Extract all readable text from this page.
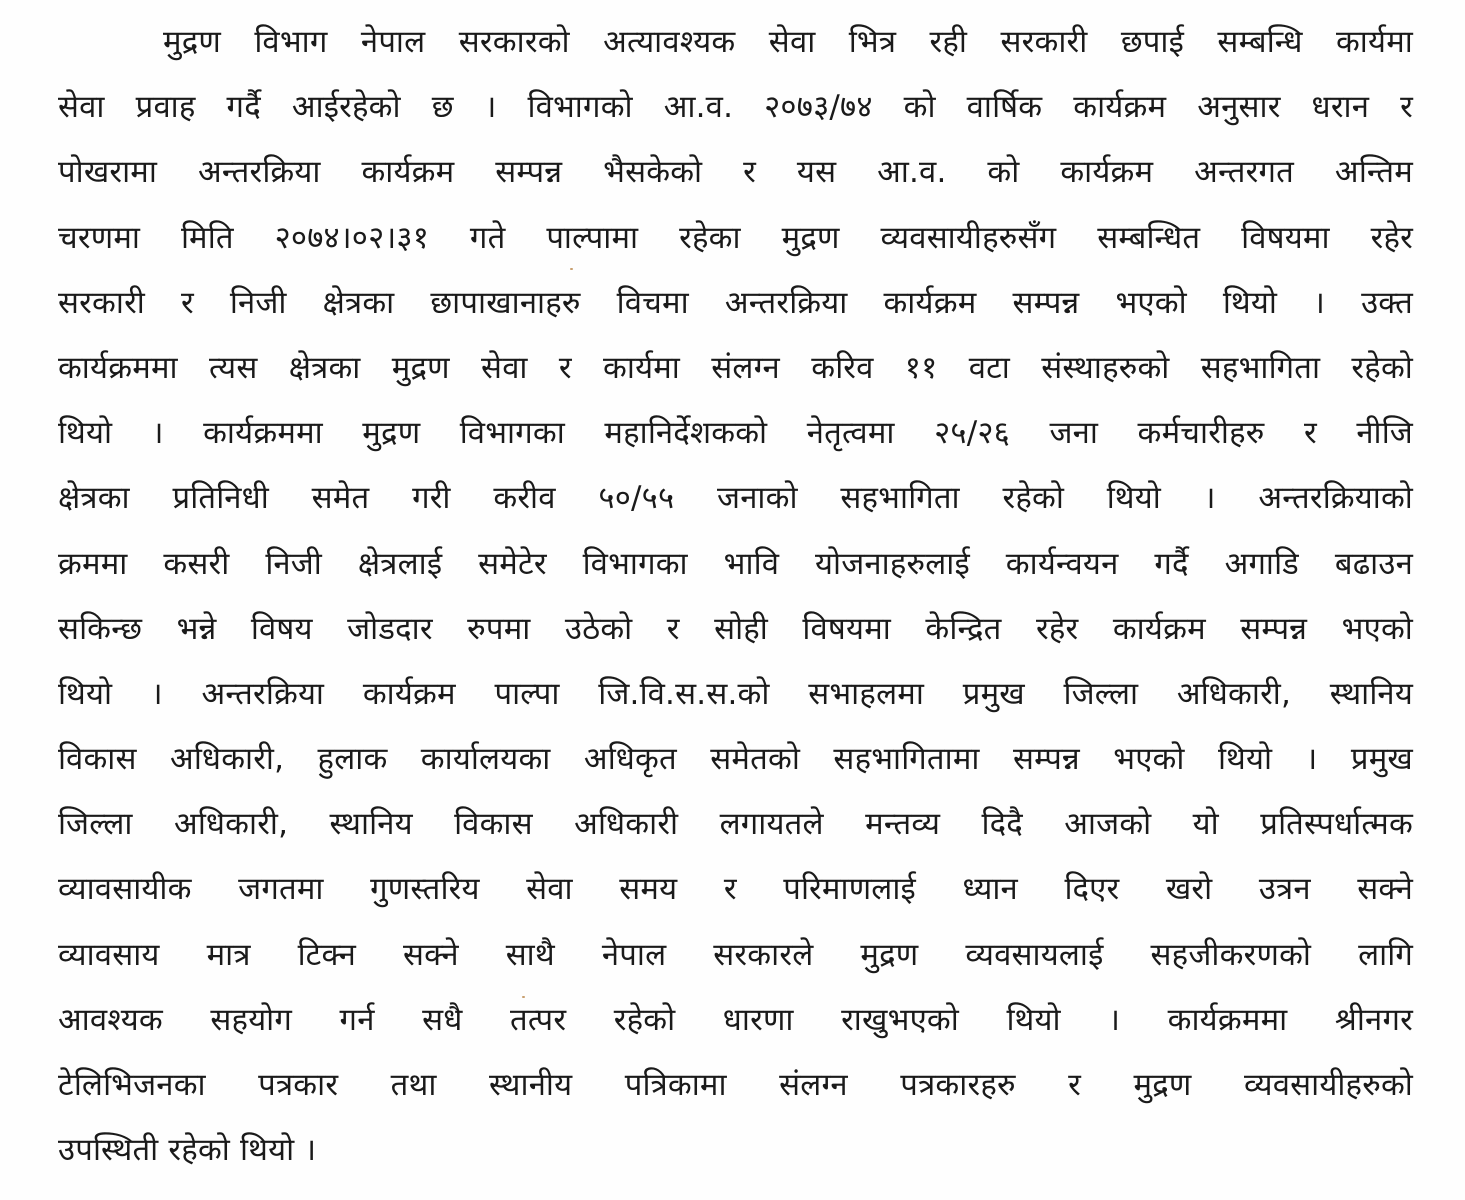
मुद्रण विभाग नेपाल सरकारको अत्यावश्यक सेवा भित्र रही सरकारी छपाई सम्बन्धि कार्यमा
सेवा प्रवाह गर्दै आईरहेको छ । विभागको आ.व. २०७३/७४ को वार्षिक कार्यक्रम अनुसार धरान र
पोखरामा अन्तरक्रिया कार्यक्रम सम्पन्न भैसकेको र यस आ.व. को कार्यक्रम अन्तरगत अन्तिम
चरणमा मिति २०७४।०२।३१ गते पाल्पामा रहेका मुद्रण व्यवसायीहरुसँग सम्बन्धित विषयमा रहेर
सरकारी र निजी क्षेत्रका छापाखानाहरु विचमा अन्तरक्रिया कार्यक्रम सम्पन्न भएको थियो । उक्त
कार्यक्रममा त्यस क्षेत्रका मुद्रण सेवा र कार्यमा संलग्न करिव ११ वटा संस्थाहरुको सहभागिता रहेको
थियो । कार्यक्रममा मुद्रण विभागका महानिर्देशकको नेतृत्वमा २५/२६ जना कर्मचारीहरु र नीजि
क्षेत्रका प्रतिनिधी समेत गरी करीव ५०/५५ जनाको सहभागिता रहेको थियो । अन्तरक्रियाको
क्रममा कसरी निजी क्षेत्रलाई समेटेर विभागका भावि योजनाहरुलाई कार्यन्वयन गर्दै अगाडि बढाउन
सकिन्छ भन्ने विषय जोडदार रुपमा उठेको र सोही विषयमा केन्द्रित रहेर कार्यक्रम सम्पन्न भएको
थियो । अन्तरक्रिया कार्यक्रम पाल्पा जि.वि.स.स.को सभाहलमा प्रमुख जिल्ला अधिकारी, स्थानिय
विकास अधिकारी, हुलाक कार्यालयका अधिकृत समेतको सहभागितामा सम्पन्न भएको थियो । प्रमुख
जिल्ला अधिकारी, स्थानिय विकास अधिकारी लगायतले मन्तव्य दिदै आजको यो प्रतिस्पर्धात्मक
व्यावसायीक जगतमा गुणस्तरिय सेवा समय र परिमाणलाई ध्यान दिएर खरो उत्रन सक्ने
व्यावसाय मात्र टिक्न सक्ने साथै नेपाल सरकारले मुद्रण व्यवसायलाई सहजीकरणको लागि
आवश्यक सहयोग गर्न सधै तत्पर रहेको धारणा राखुभएको थियो । कार्यक्रममा श्रीनगर
टेलिभिजनका पत्रकार तथा स्थानीय पत्रिकामा संलग्न पत्रकारहरु र मुद्रण व्यवसायीहरुको
उपस्थिती रहेको थियो ।
